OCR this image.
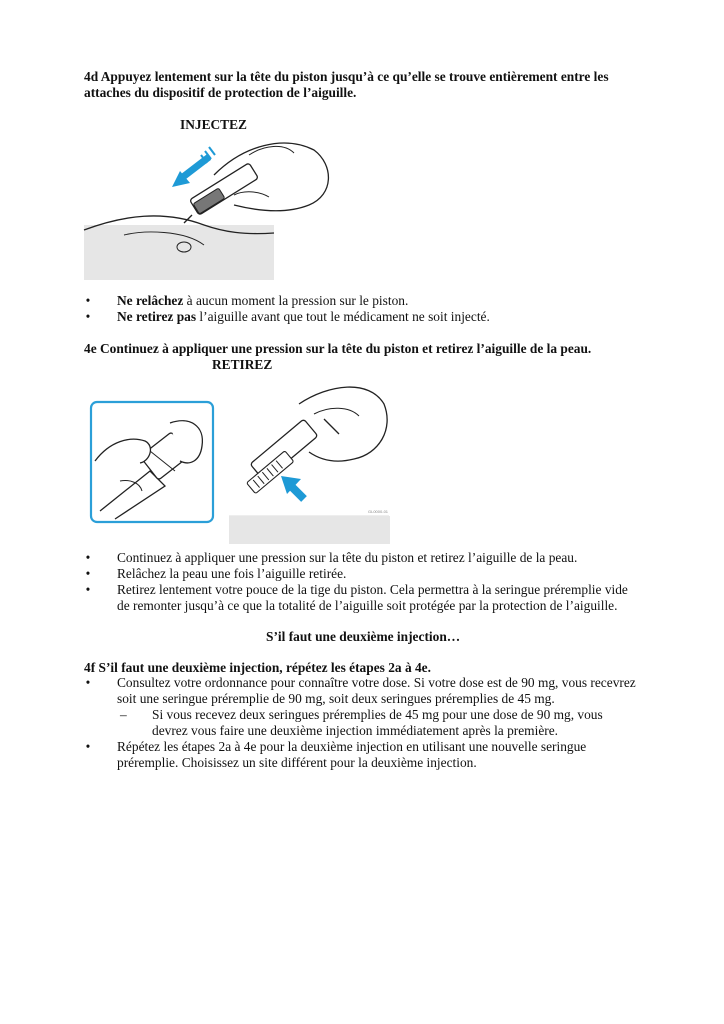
4d Appuyez lentement sur la tête du piston jusqu’à ce qu’elle se trouve entièrement entre les
attaches du dispositif de protection de l’aiguille.
INJECTEZ
• Ne relâchez à aucun moment la pression sur le piston.
• Ne retirez pas l’aiguille avant que tout le médicament ne soit injecté.
4e Continuez à appliquer une pression sur la tête du piston et retirez l’aiguille de la peau.
RETIREZ
GL0000-01
• Continuez à appliquer une pression sur la tête du piston et retirez l’aiguille de la peau.
• Relâchez la peau une fois l’aiguille retirée.
• Retirez lentement votre pouce de la tige du piston. Cela permettra à la seringue préremplie vide
de remonter jusqu’à ce que la totalité de l’aiguille soit protégée par la protection de l’aiguille.
S’il faut une deuxième injection…
4f S’il faut une deuxième injection, répétez les étapes 2a à 4e.
• Consultez votre ordonnance pour connaître votre dose. Si votre dose est de 90 mg, vous recevrez
soit une seringue préremplie de 90 mg, soit deux seringues préremplies de 45 mg.
– Si vous recevez deux seringues préremplies de 45 mg pour une dose de 90 mg, vous
devrez vous faire une deuxième injection immédiatement après la première.
• Répétez les étapes 2a à 4e pour la deuxième injection en utilisant une nouvelle seringue
préremplie. Choisissez un site différent pour la deuxième injection.
